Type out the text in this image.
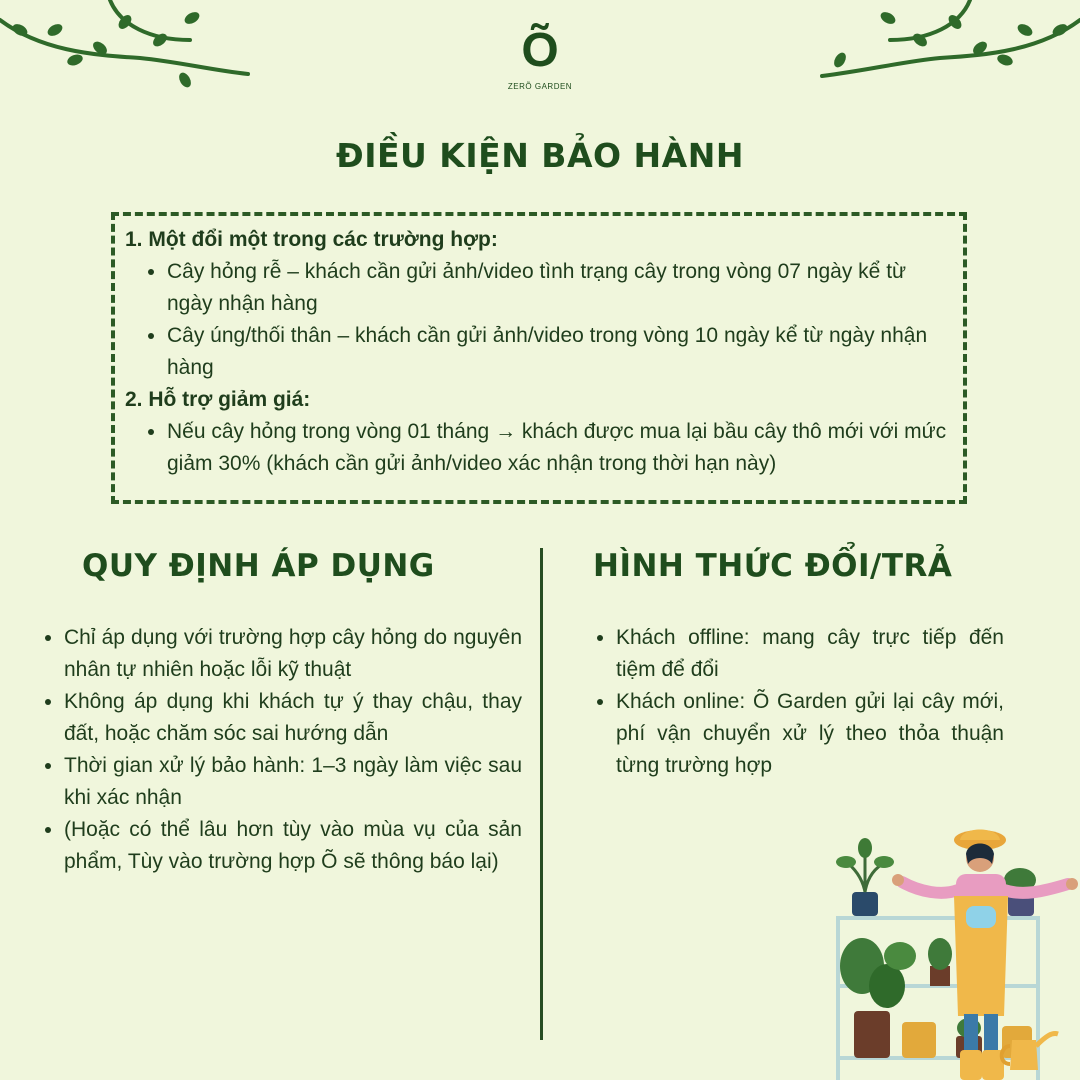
Õ
ZERÕ GARDEN
ĐIỀU KIỆN BẢO HÀNH
1. Một đổi một trong các trường hợp:
• Cây hỏng rễ – khách cần gửi ảnh/video tình trạng cây trong vòng 07 ngày kể từ ngày nhận hàng
• Cây úng/thối thân – khách cần gửi ảnh/video trong vòng 10 ngày kể từ ngày nhận hàng
2. Hỗ trợ giảm giá:
• Nếu cây hỏng trong vòng 01 tháng → khách được mua lại bầu cây thô mới với mức giảm 30% (khách cần gửi ảnh/video xác nhận trong thời hạn này)
QUY ĐỊNH ÁP DỤNG	HÌNH THỨC ĐỔI/TRẢ
• Chỉ áp dụng với trường hợp cây hỏng do nguyên nhân tự nhiên hoặc lỗi kỹ thuật
• Không áp dụng khi khách tự ý thay chậu, thay đất, hoặc chăm sóc sai hướng dẫn
• Thời gian xử lý bảo hành: 1–3 ngày làm việc sau khi xác nhận
• (Hoặc có thể lâu hơn tùy vào mùa vụ của sản phẩm, Tùy vào trường hợp Õ sẽ thông báo lại)
• Khách offline: mang cây trực tiếp đến tiệm để đổi
• Khách online: Õ Garden gửi lại cây mới, phí vận chuyển xử lý theo thỏa thuận từng trường hợp
